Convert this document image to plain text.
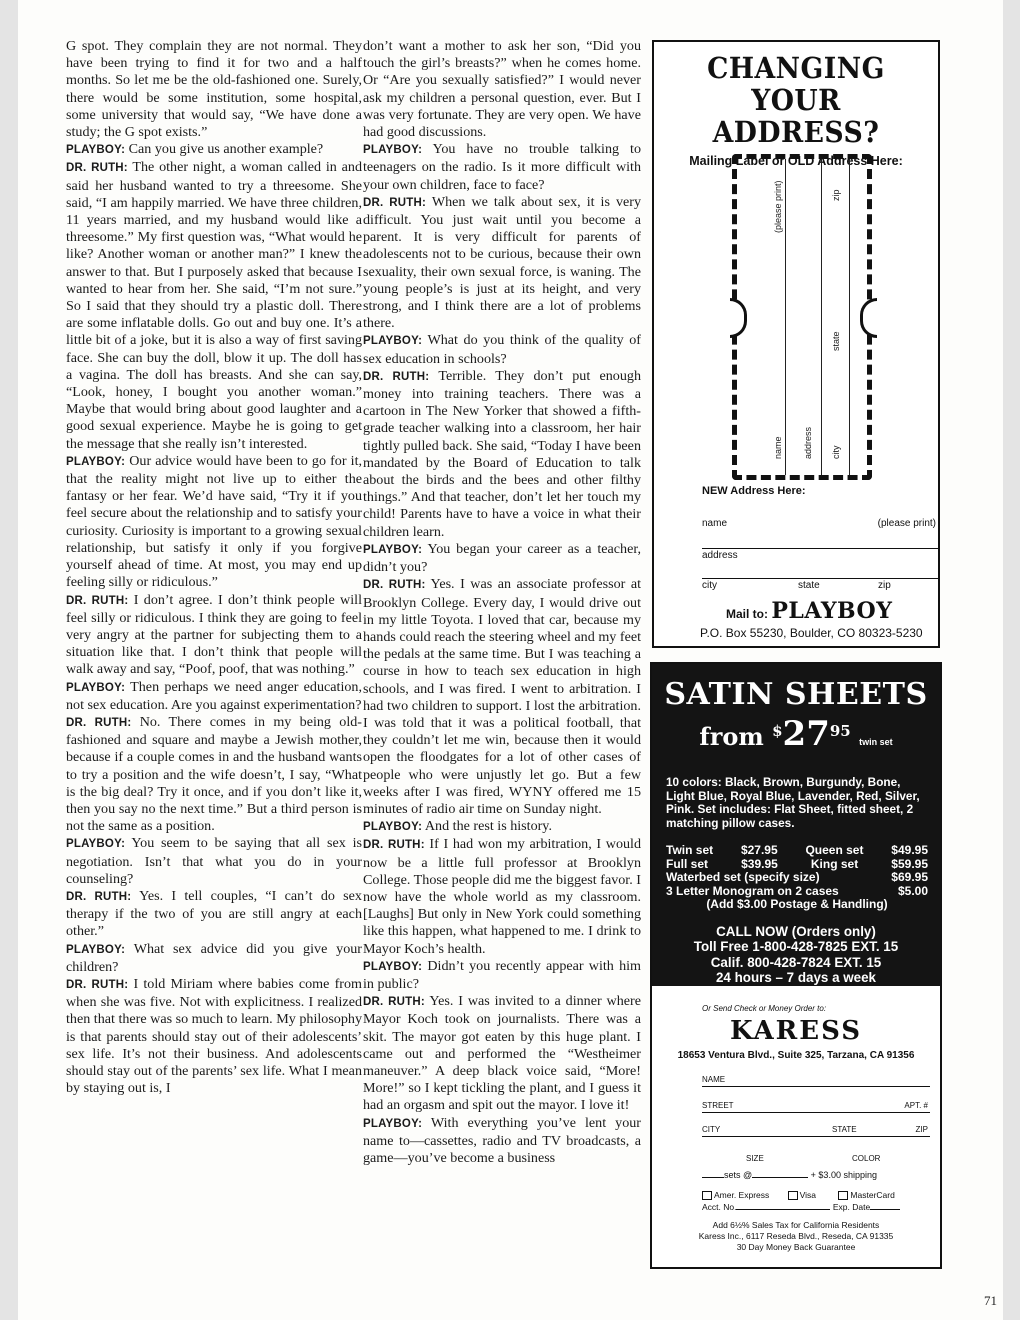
G spot. They complain they are not normal. They have been trying to find it for two and a half months. So let me be the old-fashioned one. Surely, there would be some institution, some hospital, some university that would say, “We have done a study; the G spot exists.”

PLAYBOY: Can you give us another example?

DR. RUTH: The other night, a woman called in and said her husband wanted to try a threesome. She said, “I am happily married. We have three children, 11 years married, and my husband would like a threesome.” My first question was, “What would he like? Another woman or another man?” I knew the answer to that. But I purposely asked that because I wanted to hear from her. She said, “I’m not sure.” So I said that they should try a plastic doll. There are some inflatable dolls. Go out and buy one. It’s a little bit of a joke, but it is also a way of first saving face. She can buy the doll, blow it up. The doll has a vagina. The doll has breasts. And she can say, “Look, honey, I bought you another woman.” Maybe that would bring about good laughter and a good sexual experience. Maybe he is going to get the message that she really isn’t interested.

PLAYBOY: Our advice would have been to go for it, that the reality might not live up to either the fantasy or her fear. We’d have said, “Try it if you feel secure about the relationship and to satisfy your curiosity. Curiosity is important to a growing sexual relationship, but satisfy it only if you forgive yourself ahead of time. At most, you may end up feeling silly or ridiculous.”

DR. RUTH: I don’t agree. I don’t think people will feel silly or ridiculous. I think they are going to feel very angry at the partner for subjecting them to a situation like that. I don’t think that people will walk away and say, “Poof, poof, that was nothing.”

PLAYBOY: Then perhaps we need anger education, not sex education. Are you against experimentation?

DR. RUTH: No. There comes in my being old-fashioned and square and maybe a Jewish mother, because if a couple comes in and the husband wants to try a position and the wife doesn’t, I say, “What is the big deal? Try it once, and if you don’t like it, then you say no the next time.” But a third person is not the same as a position.

PLAYBOY: You seem to be saying that all sex is negotiation. Isn’t that what you do in your counseling?

DR. RUTH: Yes. I tell couples, “I can’t do sex therapy if the two of you are still angry at each other.”

PLAYBOY: What sex advice did you give your children?

DR. RUTH: I told Miriam where babies come from when she was five. Not with explicitness. I realized then that there was so much to learn. My philosophy is that parents should stay out of their adolescents’ sex life. It’s not their business. And adolescents should stay out of the parents’ sex life. What I mean by staying out is, I

don’t want a mother to ask her son, “Did you touch the girl’s breasts?” when he comes home. Or “Are you sexually satisfied?” I would never ask my children a personal question, ever. But I was very fortunate. They are very open. We have had good discussions.

PLAYBOY: You have no trouble talking to teenagers on the radio. Is it more difficult with your own children, face to face?

DR. RUTH: When we talk about sex, it is very difficult. You just wait until you become a parent. It is very difficult for parents of adolescents not to be curious, because their own sexuality, their own sexual force, is waning. The young people’s is just at its height, and very strong, and I think there are a lot of problems there.

PLAYBOY: What do you think of the quality of sex education in schools?

DR. RUTH: Terrible. They don’t put enough money into training teachers. There was a cartoon in The New Yorker that showed a fifth-grade teacher walking into a classroom, her hair tightly pulled back. She said, “Today I have been mandated by the Board of Education to talk about the birds and the bees and other filthy things.” And that teacher, don’t let her touch my child! Parents have to have a voice in what their children learn.

PLAYBOY: You began your career as a teacher, didn’t you?

DR. RUTH: Yes. I was an associate professor at Brooklyn College. Every day, I would drive out in my little Toyota. I loved that car, because my hands could reach the steering wheel and my feet the pedals at the same time. But I was teaching a course in how to teach sex education in high schools, and I was fired. I went to arbitration. I had two children to support. I lost the arbitration. I was told that it was a political football, that they couldn’t let me win, because then it would open the floodgates for a lot of other cases of people who were unjustly let go. But a few weeks after I was fired, WYNY offered me 15 minutes of radio air time on Sunday night.

PLAYBOY: And the rest is history.

DR. RUTH: If I had won my arbitration, I would now be a little full professor at Brooklyn College. Those people did me the biggest favor. I now have the whole world as my classroom. [Laughs] But only in New York could something like this happen, what happened to me. I drink to Mayor Koch’s health.

PLAYBOY: Didn’t you recently appear with him in public?

DR. RUTH: Yes. I was invited to a dinner where Mayor Koch took on journalists. There was a skit. The mayor got eaten by this huge plant. I came out and performed the “Westheimer maneuver.” A deep black voice said, “More! More!” so I kept tickling the plant, and I guess it had an orgasm and spit out the mayor. I love it!

PLAYBOY: With everything you’ve lent your name to—cassettes, radio and TV broadcasts, a game—you’ve become a business

CHANGING
YOUR ADDRESS?
Mailing Label or OLD Address Here:
(please print)	zip
state
name address city
NEW Address Here:
name	(please print)
address
city	state	zip
Mail to: PLAYBOY
P.O. Box 55230, Boulder, CO 80323-5230
SATIN SHEETS
from $^{\$}27^{95}$ twin set
10 colors: Black, Brown, Burgundy, Bone, Light Blue, Royal Blue, Lavender, Red, Silver, Pink. Set includes: Flat Sheet, fitted sheet, 2 matching pillow cases.
Twin set $27.95 Queen set $49.95
Full set	$39.95	King set	$59.95
Waterbed set (specify size)	$69.95
3 Letter Monogram on 2 cases	$5.00
(Add $3.00 Postage & Handling)
CALL NOW (Orders only)
Toll Free 1-800-428-7825 EXT. 15
Calif. 800-428-7824 EXT. 15
24 hours – 7 days a week
Or Send Check or Money Order to:
KARESS
18653 Ventura Blvd., Suite 325, Tarzana, CA 91356
NAME
STREET	APT. #
CITY	STATE	ZIP
SIZE	COLOR
sets @	+ $3.00 shipping
Amer. Express	Visa	MasterCard
Acct. No.	Exp. Date
Add 6½% Sales Tax for California Residents
Karess Inc., 6117 Reseda Blvd., Reseda, CA 91335
30 Day Money Back Guarantee
71
